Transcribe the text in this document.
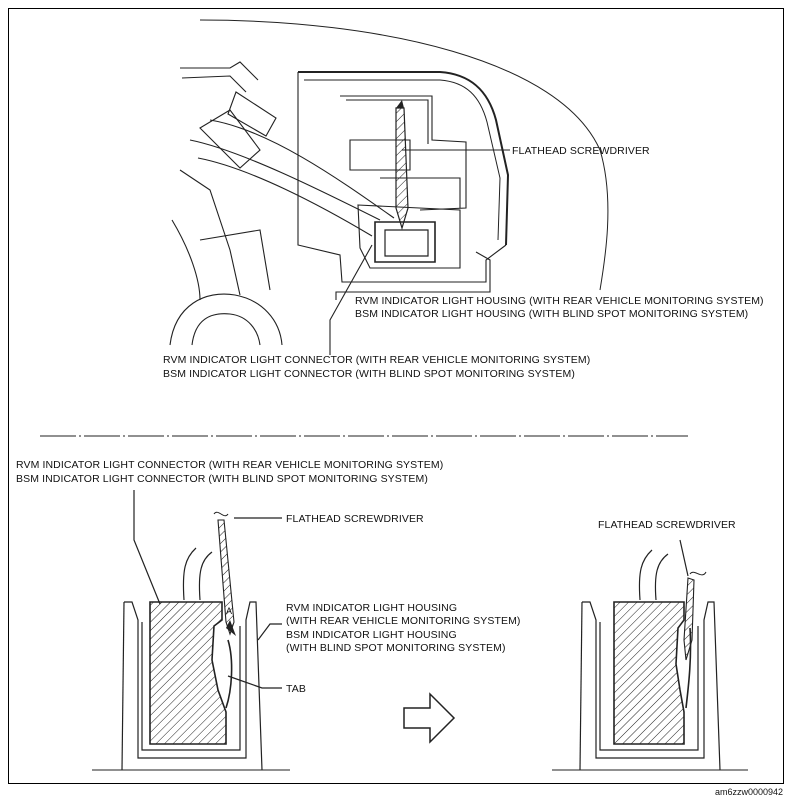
A
FLATHEAD SCREWDRIVER
RVM INDICATOR LIGHT HOUSING (WITH REAR VEHICLE MONITORING SYSTEM)
BSM INDICATOR LIGHT HOUSING (WITH BLIND SPOT MONITORING SYSTEM)
RVM INDICATOR LIGHT CONNECTOR (WITH REAR VEHICLE MONITORING SYSTEM)
BSM INDICATOR LIGHT CONNECTOR (WITH BLIND SPOT MONITORING SYSTEM)
RVM INDICATOR LIGHT CONNECTOR (WITH REAR VEHICLE MONITORING SYSTEM)
BSM INDICATOR LIGHT CONNECTOR (WITH BLIND SPOT MONITORING SYSTEM)
FLATHEAD SCREWDRIVER
RVM INDICATOR LIGHT HOUSING
(WITH REAR VEHICLE MONITORING SYSTEM)
BSM INDICATOR LIGHT HOUSING
(WITH BLIND SPOT MONITORING SYSTEM)
TAB
FLATHEAD SCREWDRIVER
am6zzw0000942
